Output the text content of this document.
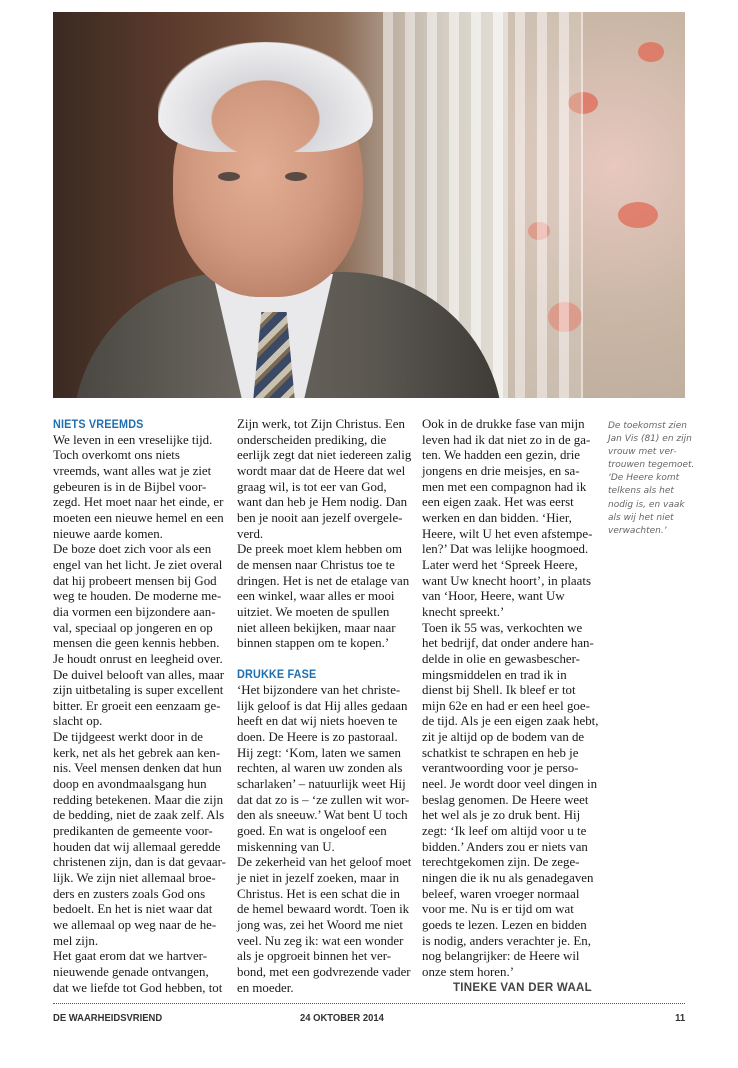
NIETS VREEMDS
We leven in een vreselijke tijd.
Toch overkomt ons niets
vreemds, want alles wat je ziet
gebeuren is in de Bijbel voor-
zegd. Het moet naar het einde, er
moeten een nieuwe hemel en een
nieuwe aarde komen.
De boze doet zich voor als een
engel van het licht. Je ziet overal
dat hij probeert mensen bij God
weg te houden. De moderne me-
dia vormen een bijzondere aan-
val, speciaal op jongeren en op
mensen die geen kennis hebben.
Je houdt onrust en leegheid over.
De duivel belooft van alles, maar
zijn uitbetaling is super excellent
bitter. Er groeit een eenzaam ge-
slacht op.
De tijdgeest werkt door in de
kerk, net als het gebrek aan ken-
nis. Veel mensen denken dat hun
doop en avondmaalsgang hun
redding betekenen. Maar die zijn
de bedding, niet de zaak zelf. Als
predikanten de gemeente voor-
houden dat wij allemaal geredde
christenen zijn, dan is dat gevaar-
lijk. We zijn niet allemaal broe-
ders en zusters zoals God ons
bedoelt. En het is niet waar dat
we allemaal op weg naar de he-
mel zijn.
Het gaat erom dat we hartver-
nieuwende genade ontvangen,
dat we liefde tot God hebben, tot
Zijn werk, tot Zijn Christus. Een
onderscheiden prediking, die
eerlijk zegt dat niet iedereen zalig
wordt maar dat de Heere dat wel
graag wil, is tot eer van God,
want dan heb je Hem nodig. Dan
ben je nooit aan jezelf overgele-
verd.
De preek moet klem hebben om
de mensen naar Christus toe te
dringen. Het is net de etalage van
een winkel, waar alles er mooi
uitziet. We moeten de spullen
niet alleen bekijken, maar naar
binnen stappen om te kopen.’
DRUKKE FASE
‘Het bijzondere van het christe-
lijk geloof is dat Hij alles gedaan
heeft en dat wij niets hoeven te
doen. De Heere is zo pastoraal.
Hij zegt: ‘Kom, laten we samen
rechten, al waren uw zonden als
scharlaken’ – natuurlijk weet Hij
dat dat zo is – ‘ze zullen wit wor-
den als sneeuw.’ Wat bent U toch
goed. En wat is ongeloof een
miskenning van U.
De zekerheid van het geloof moet
je niet in jezelf zoeken, maar in
Christus. Het is een schat die in
de hemel bewaard wordt. Toen ik
jong was, zei het Woord me niet
veel. Nu zeg ik: wat een wonder
als je opgroeit binnen het ver-
bond, met een godvrezende vader
en moeder.
Ook in de drukke fase van mijn
leven had ik dat niet zo in de ga-
ten. We hadden een gezin, drie
jongens en drie meisjes, en sa-
men met een compagnon had ik
een eigen zaak. Het was eerst
werken en dan bidden. ‘Hier,
Heere, wilt U het even afstempe-
len?’ Dat was lelijke hoogmoed.
Later werd het ‘Spreek Heere,
want Uw knecht hoort’, in plaats
van ‘Hoor, Heere, want Uw
knecht spreekt.’
Toen ik 55 was, verkochten we
het bedrijf, dat onder andere han-
delde in olie en gewasbescher-
mingsmiddelen en trad ik in
dienst bij Shell. Ik bleef er tot
mijn 62e en had er een heel goe-
de tijd. Als je een eigen zaak hebt,
zit je altijd op de bodem van de
schatkist te schrapen en heb je
verantwoording voor je perso-
neel. Je wordt door veel dingen in
beslag genomen. De Heere weet
het wel als je zo druk bent. Hij
zegt: ‘Ik leef om altijd voor u te
bidden.’ Anders zou er niets van
terechtgekomen zijn. De zege-
ningen die ik nu als genadegaven
beleef, waren vroeger normaal
voor me. Nu is er tijd om wat
goeds te lezen. Lezen en bidden
is nodig, anders verachter je. En,
nog belangrijker: de Heere wil
onze stem horen.’
TINEKE VAN DER WAAL
De toekomst zien
Jan Vis (81) en zijn
vrouw met ver-
trouwen tegemoet.
‘De Heere komt
telkens als het
nodig is, en vaak
als wij het niet
verwachten.’
DE WAARHEIDSVRIEND	24 OKTOBER 2014	11
